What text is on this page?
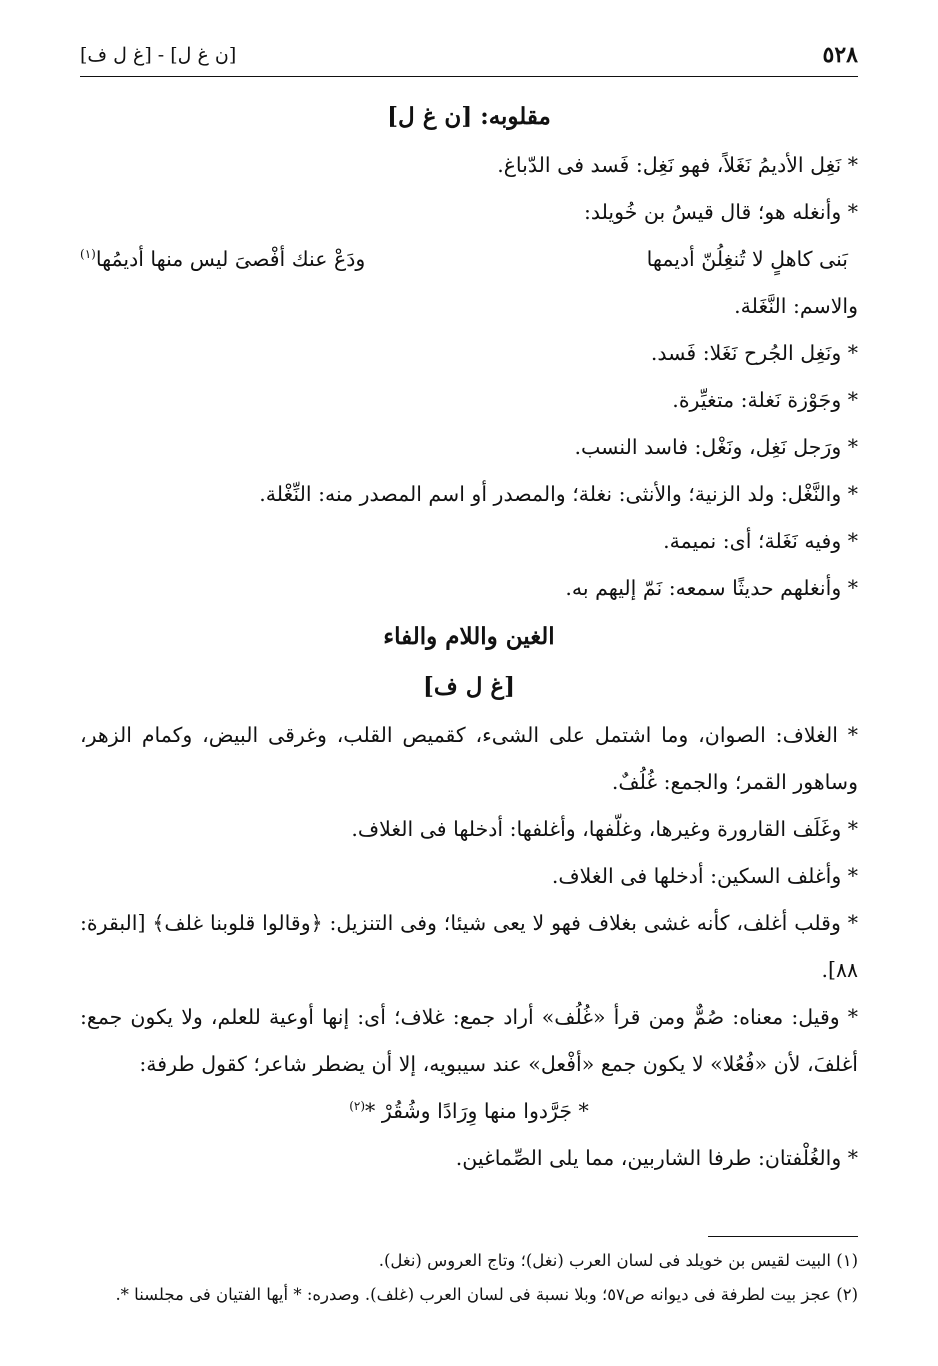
٥٢٨
[ن غ ل] - [غ ل ف]

مقلوبه: [ن غ ل]

* نَغِل الأديمُ نَغَلاً، فهو نَغِل: فَسد فى الدّباغ.

* وأنغله هو؛ قال قيسُ بن خُويلد:

بَنى كاهلٍ لا تُنغِلُنّ أديمها
ودَعْ عنك أفْصىَ ليس منها أديمُها$^{(١)}$

والاسم: النَّغَلة.

* ونَغِل الجُرح نَغَلا: فَسد.

* وجَوْزة نَغلة: متغيِّرة.

* ورَجل نَغِل، ونَغْل: فاسد النسب.

* والنَّغْل: ولد الزنية؛ والأنثى: نغلة؛ والمصدر أو اسم المصدر منه: النِّغْلة.

* وفيه نَغَلة؛ أى: نميمة.

* وأنغلهم حديثًا سمعه: نَمّ إليهم به.

الغين واللام والفاء

[غ ل ف]

* الغلاف: الصوان، وما اشتمل على الشىء، كقميص القلب، وغرقى البيض، وكمام الزهر، وساهور القمر؛ والجمع: غُلُفٌ.

* وغَلَف القارورة وغيرها، وغلّفها، وأغلفها: أدخلها فى الغلاف.

* وأغلف السكين: أدخلها فى الغلاف.

* وقلب أغلف، كأنه غشى بغلاف فهو لا يعى شيئا؛ وفى التنزيل: ﴿وقالوا قلوبنا غلف﴾ [البقرة: ٨٨].

* وقيل: معناه: صُمٌّ ومن قرأ «غُلُف» أراد جمع: غلاف؛ أى: إنها أوعية للعلم، ولا يكون جمع: أغلفَ، لأن «فُعُلا» لا يكون جمع «أفْعل» عند سيبويه، إلا أن يضطر شاعر؛ كقول طرفة:

* جَرَّدوا منها وِرَادًا وشُقُرْ *$^{(٢)}$

* والغُلْفتان: طرفا الشاربين، مما يلى الصِّماغين.

(١) البيت لقيس بن خويلد فى لسان العرب (نغل)؛ وتاج العروس (نغل).

(٢) عجز بيت لطرفة فى ديوانه ص٥٧؛ وبلا نسبة فى لسان العرب (غلف). وصدره: * أيها الفتيان فى مجلسنا *.
